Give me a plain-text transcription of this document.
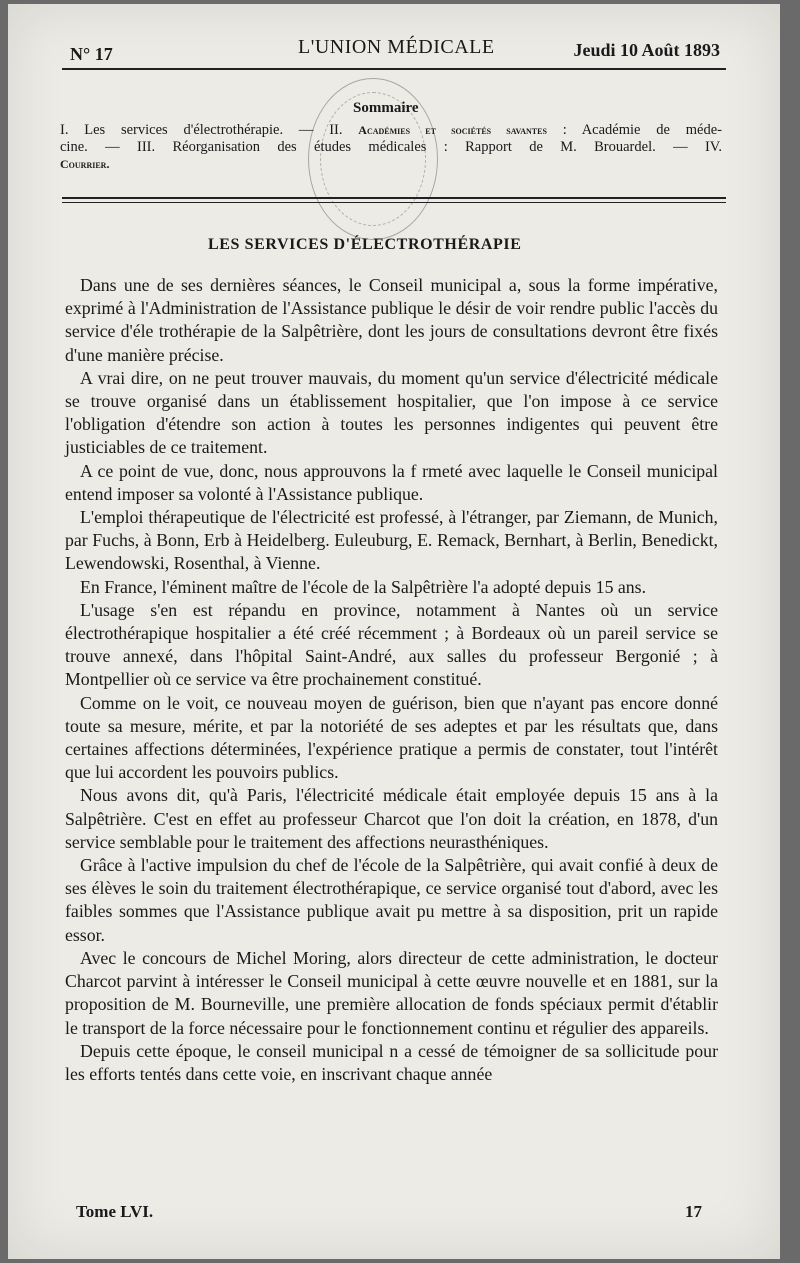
N° 17	L'UNION MÉDICALE	Jeudi 10 Août 1893
Sommaire

I. Les services d'électrothérapie. — II. Académies et sociétés savantes : Académie de méde-

cine. — III. Réorganisation des études médicales : Rapport de M. Brouardel. — IV.

Courrier.

LES SERVICES D'ÉLECTROTHÉRAPIE

Dans une de ses dernières séances, le Conseil municipal a, sous la forme impérative, exprimé à l'Administration de l'Assistance publique le désir de voir rendre public l'accès du service d'éle trothérapie de la Salpêtrière, dont les jours de consultations devront être fixés d'une manière précise.

A vrai dire, on ne peut trouver mauvais, du moment qu'un service d'électricité médicale se trouve organisé dans un établissement hospitalier, que l'on impose à ce service l'obligation d'étendre son action à toutes les personnes indigentes qui peuvent être justiciables de ce traitement.

A ce point de vue, donc, nous approuvons la f rmeté avec laquelle le Conseil municipal entend imposer sa volonté à l'Assistance publique.

L'emploi thérapeutique de l'électricité est professé, à l'étranger, par Ziemann, de Munich, par Fuchs, à Bonn, Erb à Heidelberg. Euleuburg, E. Remack, Bernhart, à Berlin, Benedickt, Lewendowski, Rosenthal, à Vienne.

En France, l'éminent maître de l'école de la Salpêtrière l'a adopté depuis 15 ans.

L'usage s'en est répandu en province, notamment à Nantes où un service électrothérapique hospitalier a été créé récemment ; à Bordeaux où un pareil service se trouve annexé, dans l'hôpital Saint-André, aux salles du professeur Bergonié ; à Montpellier où ce service va être prochainement constitué.

Comme on le voit, ce nouveau moyen de guérison, bien que n'ayant pas encore donné toute sa mesure, mérite, et par la notoriété de ses adeptes et par les résultats que, dans certaines affections déterminées, l'expérience pratique a permis de constater, tout l'intérêt que lui accordent les pouvoirs publics.

Nous avons dit, qu'à Paris, l'électricité médicale était employée depuis 15 ans à la Salpêtrière. C'est en effet au professeur Charcot que l'on doit la création, en 1878, d'un service semblable pour le traitement des affections neurasthéniques.

Grâce à l'active impulsion du chef de l'école de la Salpêtrière, qui avait confié à deux de ses élèves le soin du traitement électrothérapique, ce service organisé tout d'abord, avec les faibles sommes que l'Assistance publique avait pu mettre à sa disposition, prit un rapide essor.

Avec le concours de Michel Moring, alors directeur de cette administration, le docteur Charcot parvint à intéresser le Conseil municipal à cette œuvre nouvelle et en 1881, sur la proposition de M. Bourneville, une première allocation de fonds spéciaux permit d'établir le transport de la force nécessaire pour le fonctionnement continu et régulier des appareils.

Depuis cette époque, le conseil municipal n a cessé de témoigner de sa sollicitude pour les efforts tentés dans cette voie, en inscrivant chaque année

Tome LVI.	17
